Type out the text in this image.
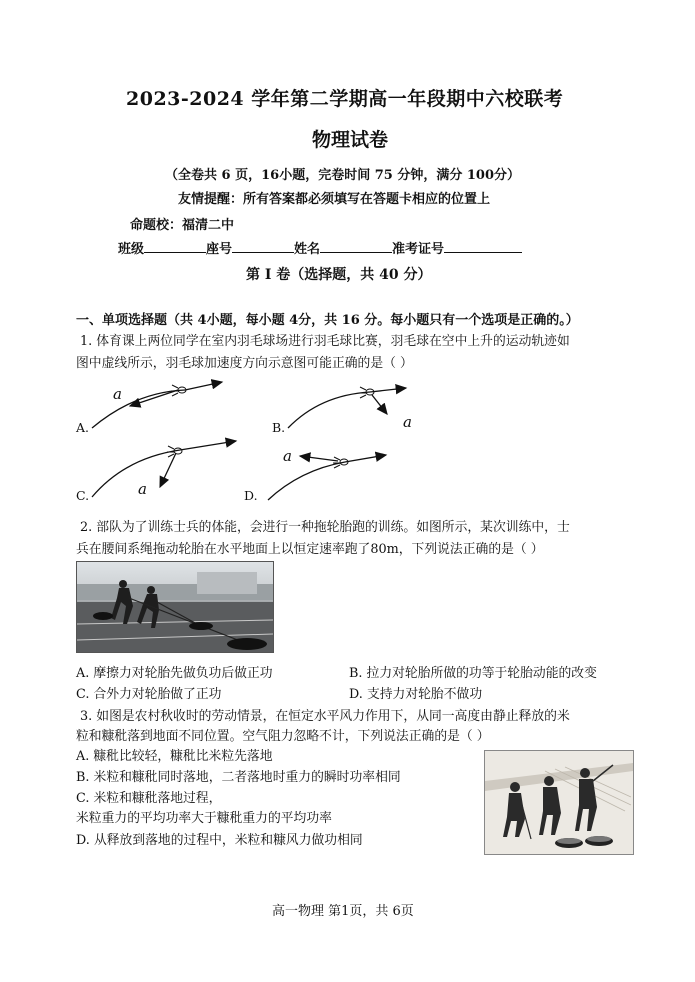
2023-2024 学年第二学期高一年段期中六校联考
物理试卷
（全卷共 6 页，16小题，完卷时间 75 分钟，满分 100分）
友情提醒：所有答案都必须填写在答题卡相应的位置上
命题校：福清二中
班级	座号	姓名	准考证号
第 Ⅰ 卷（选择题，共 40 分）
一、单项选择题（共 4小题，每小题 4分，共 16 分。每小题只有一个选项是正确的。）
1. 体育课上两位同学在室内羽毛球场进行羽毛球比赛，羽毛球在空中上升的运动轨迹如
图中虚线所示，羽毛球加速度方向示意图可能正确的是（ ）
A.	B.
C.	D.
a
a
a
a
2. 部队为了训练士兵的体能，会进行一种拖轮胎跑的训练。如图所示，某次训练中，士
兵在腰间系绳拖动轮胎在水平地面上以恒定速率跑了80m，下列说法正确的是（ ）
A. 摩擦力对轮胎先做负功后做正功	B. 拉力对轮胎所做的功等于轮胎动能的改变
C. 合外力对轮胎做了正功	D. 支持力对轮胎不做功
3. 如图是农村秋收时的劳动情景，在恒定水平风力作用下，从同一高度由静止释放的米
粒和糠秕落到地面不同位置。空气阻力忽略不计，下列说法正确的是（ ）
A. 糠秕比较轻，糠秕比米粒先落地
B. 米粒和糠秕同时落地，二者落地时重力的瞬时功率相同
C. 米粒和糠秕落地过程，
米粒重力的平均功率大于糠秕重力的平均功率
D. 从释放到落地的过程中，米粒和糠风力做功相同
高一物理 第1页，共 6页
